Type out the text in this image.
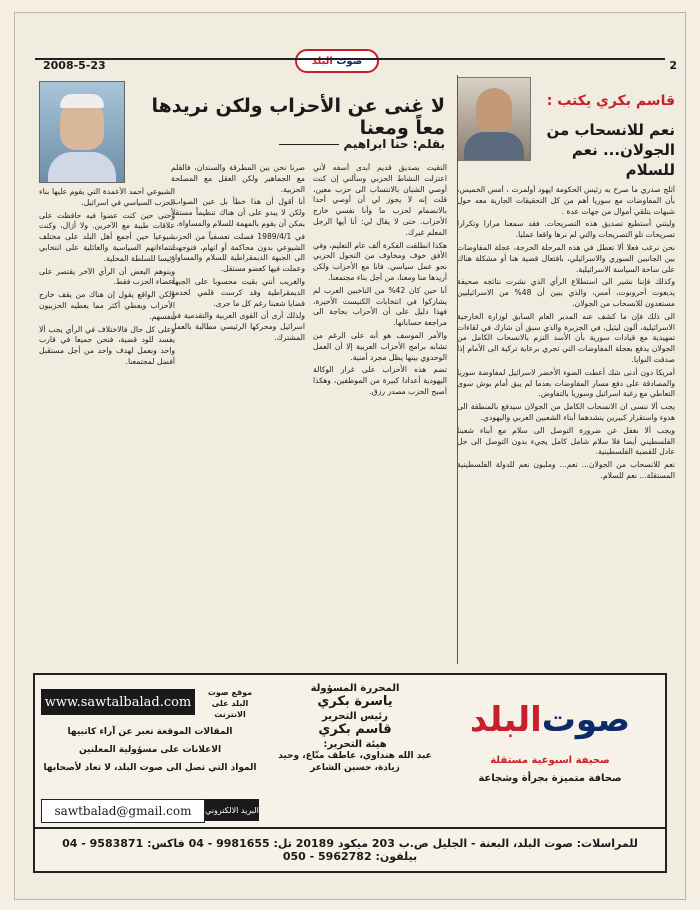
2008-5-23	البلد
صوت	2
قاسم بكري يكتب :
نعم للانسحاب من الجولان... نعم للسلام

أثلج صدري ما صرح به رئيس الحكومة ايهود أولمرت ، أمس الخميس، بأن المفاوضات مع سوريا أهم من كل التحقيقات الجارية معه حول شبهات بتلقي أموال من جهات عدة .

وليتني أستطيع تصديق هذه التصريحات. فقد سمعنا مرارا وتكرارا تصريحات تلو التصريحات والتي لم نرها واقعا عمليا.

نحن نرغب فعلا ألا تعطل في هذه المرحلة الحرجة، عجلة المفاوضات بين الجانبين السوري والاسرائيلي، بافتعال قضية هنا أو مشكلة هناك على ساحة السياسة الاسرائيلية.

وكذلك فإننا نشير الى استطلاع الرأي الذي نشرت نتائجه صحيفة يديعوت أحرونوت، أمس، والذي يبين أن 48% من الاسرائيليين مستعدون للانسحاب من الجولان.

الى ذلك فإن ما كشف عنه المدير العام السابق لوزارة الخارجية الاسرائيلية، ألون ليئيل، في الجزيرة والذي سبق أن شارك في لقاءات تمهيدية مع قيادات سورية بأن الأسد التزم بالانسحاب الكامل من الجولان يدفع بعجلة المفاوضات التي تجري برعاية تركية الى الأمام إذا صدقت النوايا.

أمريكا دون أدنى شك أعطت الضوء الأخضر لاسرائيل لمفاوضة سوريا والمصادقة على دفع مسار المفاوضات بعدما لم يبق أمام بوش سوى التعاطي مع رغبة اسرائيل وسوريا بالتفاوض.

يجب ألا ننسى ان الانسحاب الكامل من الجولان سيدفع بالمنطقة الى هدوء واستقرار كبيرين ينشدهما أبناء الشعبين العربي واليهودي.

ويجب ألا نغفل عن ضرورة التوصل الى سلام مع أبناء شعبنا الفلسطيني أيضا فلا سلام شامل كامل يجيء بدون التوصل الى حل عادل للقضية الفلسطينية.

نعم للانسحاب من الجولان... نعم... وملبون نعم للدولة الفلسطينية المستقلة... نعم للسلام.

لا غنى عن الأحزاب ولكن نريدها معاً ومعنا
بقلم: حنا ابراهيم

التقيت بصديق قديم أبدى أسفه لأني اعتزلت النشاط الحزبي وسألني إن كنت أوصي الشبان بالانتساب الى حزب معين، قلت إنه لا يجوز لي أن أوصي أحدا بالانضمام لحزب ما وأنا نفسي خارج الأحزاب. حتى لا يقال لي: أنا أيها الرجل المعلم غيرك.

هكذا انطلقت الفكرة ألف عام التعليم، وفي الأفق خوف ومخاوف من التحول الحزبي نحو عمل سياسي. فانا مع الأحزاب ولكن أريدها منا ومعنا، من أجل بناء مجتمعنا.

أنا حين كان 42% من الناخبين العرب لم يشاركوا في انتخابات الكنيست الأخيرة، فهذا دليل على أن الأحزاب بحاجة الى مراجعة حساباتها.

والأمر الموسف هو أنه على الرغم من تشابه برامج الأحزاب العربية إلا أن العمل الوحدوي بينها يظل مجرد أمنية.

تضم هذه الأحزاب على غرار الوكالة اليهودية أعدادا كبيرة من الموظفين، وهكذا أصبح الحزب مصدر رزق.

صرنا نحن بين المطرقة والسندان، فالقلم مع الجماهير ولكن العقل مع المصلحة الحزبية.

أنا أقول أن هذا خطأ بل عين الصواب، ولكن لا يبدو على أن هناك تنظيماً مستقلاً يمكن أن يقوم بالمهمة للسلام والمساواة.

في 1989/4/1 فصلت تعسفياً من الحزب الشيوعي بدون محاكمة أو اتهام، فتوجهت الى الجبهة الديمقراطية للسلام والمساواة وعملت فيها كعضو مستقل.

والغريب أنني بقيت محسوبا على الجبهة الديمقراطية وقد كرست قلمي لخدمة قضايا شعبنا رغم كل ما جرى.

ولذلك أرى أن القوى العربية والتقدمية في اسرائيل ومحركها الرئيسي مطالبة بالعمل المشترك.

الشيوعي أحمد الأعمدة التي يقوم عليها بناء الحزب السياسي في اسرائيل.

وحتى حين كنت عضوا فيه حافظت على علاقات طيبة مع الآخرين. ولا أزال، وكنت شيوعيا حين أجمع أهل البلد على مختلف انتماءاتهم السياسية والعائلية على انتخابي رئيسا للسلطة المحلية.

ويتوهم البعض أن الرأي الآخر يقتصر على أعضاء الحزب فقط.

ولكن الواقع يقول إن هناك من يقف خارج الأحزاب ويعطي أكثر مما يعطيه الحزبيون أنفسهم.

وعلى كل حال فالاختلاف في الرأي يجب ألا يفسد للود قضية، فنحن جميعا في قارب واحد ونعمل لهدف واحد من أجل مستقبل أفضل لمجتمعنا.

www.sawtalbalad.com
موقع صوت البلد على الانترنت
المقالات الموقعة تعبر عن آراء كاتبيها
الاعلانات على مسؤولية المعلنين
المواد التي تصل الى صوت البلد، لا تعاد لأصحابها
sawtbalad@gmail.com	البريد الالكتروني
المحررة المسؤولة
ياسرة بكري
رئيس التحرير
قاسم بكري
هيئة التحرير:
عبد الله هنداوي، عاطف منّاع، وحيد زيادة، حسين الشاعر
صوت
البلد
صحيفة اسبوعية مستقلة
صحافة متميزة بجرأة وشجاعة
للمراسلات: صوت البلد، البعنة - الجليل ص.ب 203 ميكود 20189 تل: 9981655 - 04 فاكس: 9583871 - 04 بيلفون: 5962782 - 050
